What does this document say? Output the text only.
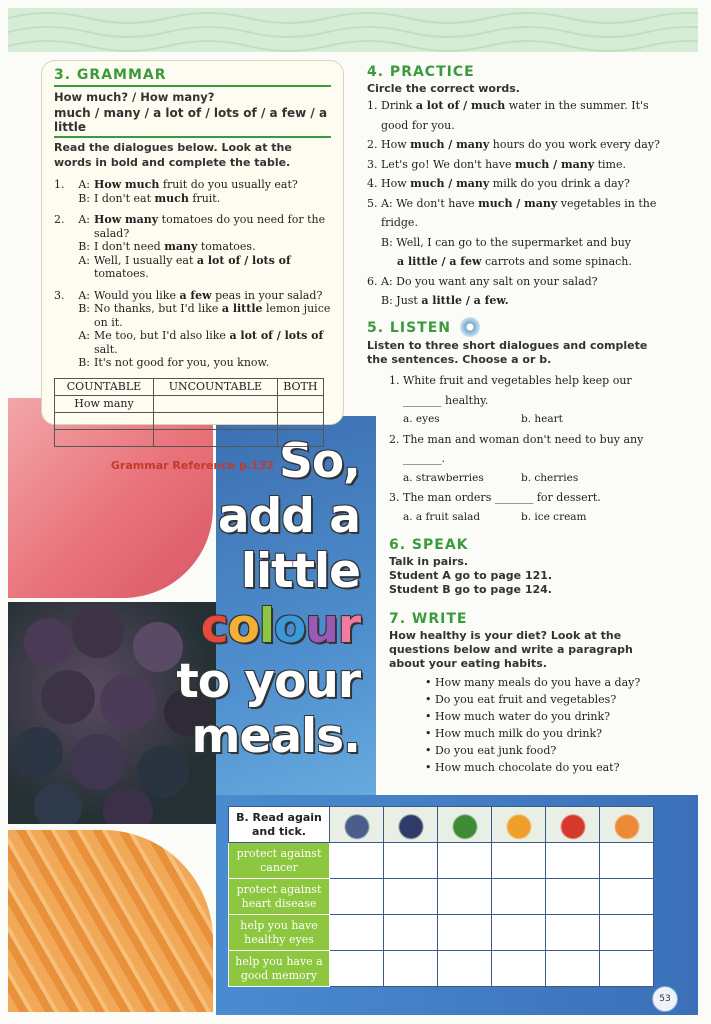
3. GRAMMAR
How much? / How many?
much / many / a lot of / lots of / a few / a little
Read the dialogues below. Look at the words in bold and complete the table.
1.	A: How much fruit do you usually eat?
B: I don't eat much fruit.
2.	A: How many tomatoes do you need for the salad?
B: I don't need many tomatoes.
A: Well, I usually eat a lot of / lots of tomatoes.
3.	A: Would you like a few peas in your salad?
B: No thanks, but I'd like a little lemon juice on it.
A: Me too, but I'd also like a lot of / lots of salt.
B: It's not good for you, you know.
COUNTABLE	UNCOUNTABLE	BOTH
How many		

Grammar Reference p.132
4. PRACTICE
Circle the correct words.
1. Drink a lot of / much water in the summer. It's
good for you.
2. How much / many hours do you work every day?
3. Let's go! We don't have much / many time.
4. How much / many milk do you drink a day?
5. A: We don't have much / many vegetables in the fridge.
B: Well, I can go to the supermarket and buy
a little / a few carrots and some spinach.
6. A: Do you want any salt on your salad?
B: Just a little / a few.
5. LISTEN
Listen to three short dialogues and complete the sentences. Choose a or b.
1. White fruit and vegetables help keep our
_______ healthy.
a. eyes	b. heart
2. The man and woman don't need to buy any
_______.
a. strawberries	b. cherries
3. The man orders _______ for dessert.
a. a fruit salad	b. ice cream
6. SPEAK
Talk in pairs.
Student A go to page 121.
Student B go to page 124.
7. WRITE
How healthy is your diet? Look at the questions below and write a paragraph about your eating habits.
• How many meals do you have a day?
• Do you eat fruit and vegetables?
• How much water do you drink?
• How much milk do you drink?
• Do you eat junk food?
• How much chocolate do you eat?
So,
add a
little
colour
to your
meals.
B. Read again and tick.						
protect against cancer						
protect against heart disease						
help you have healthy eyes						
help you have a good memory						
53
